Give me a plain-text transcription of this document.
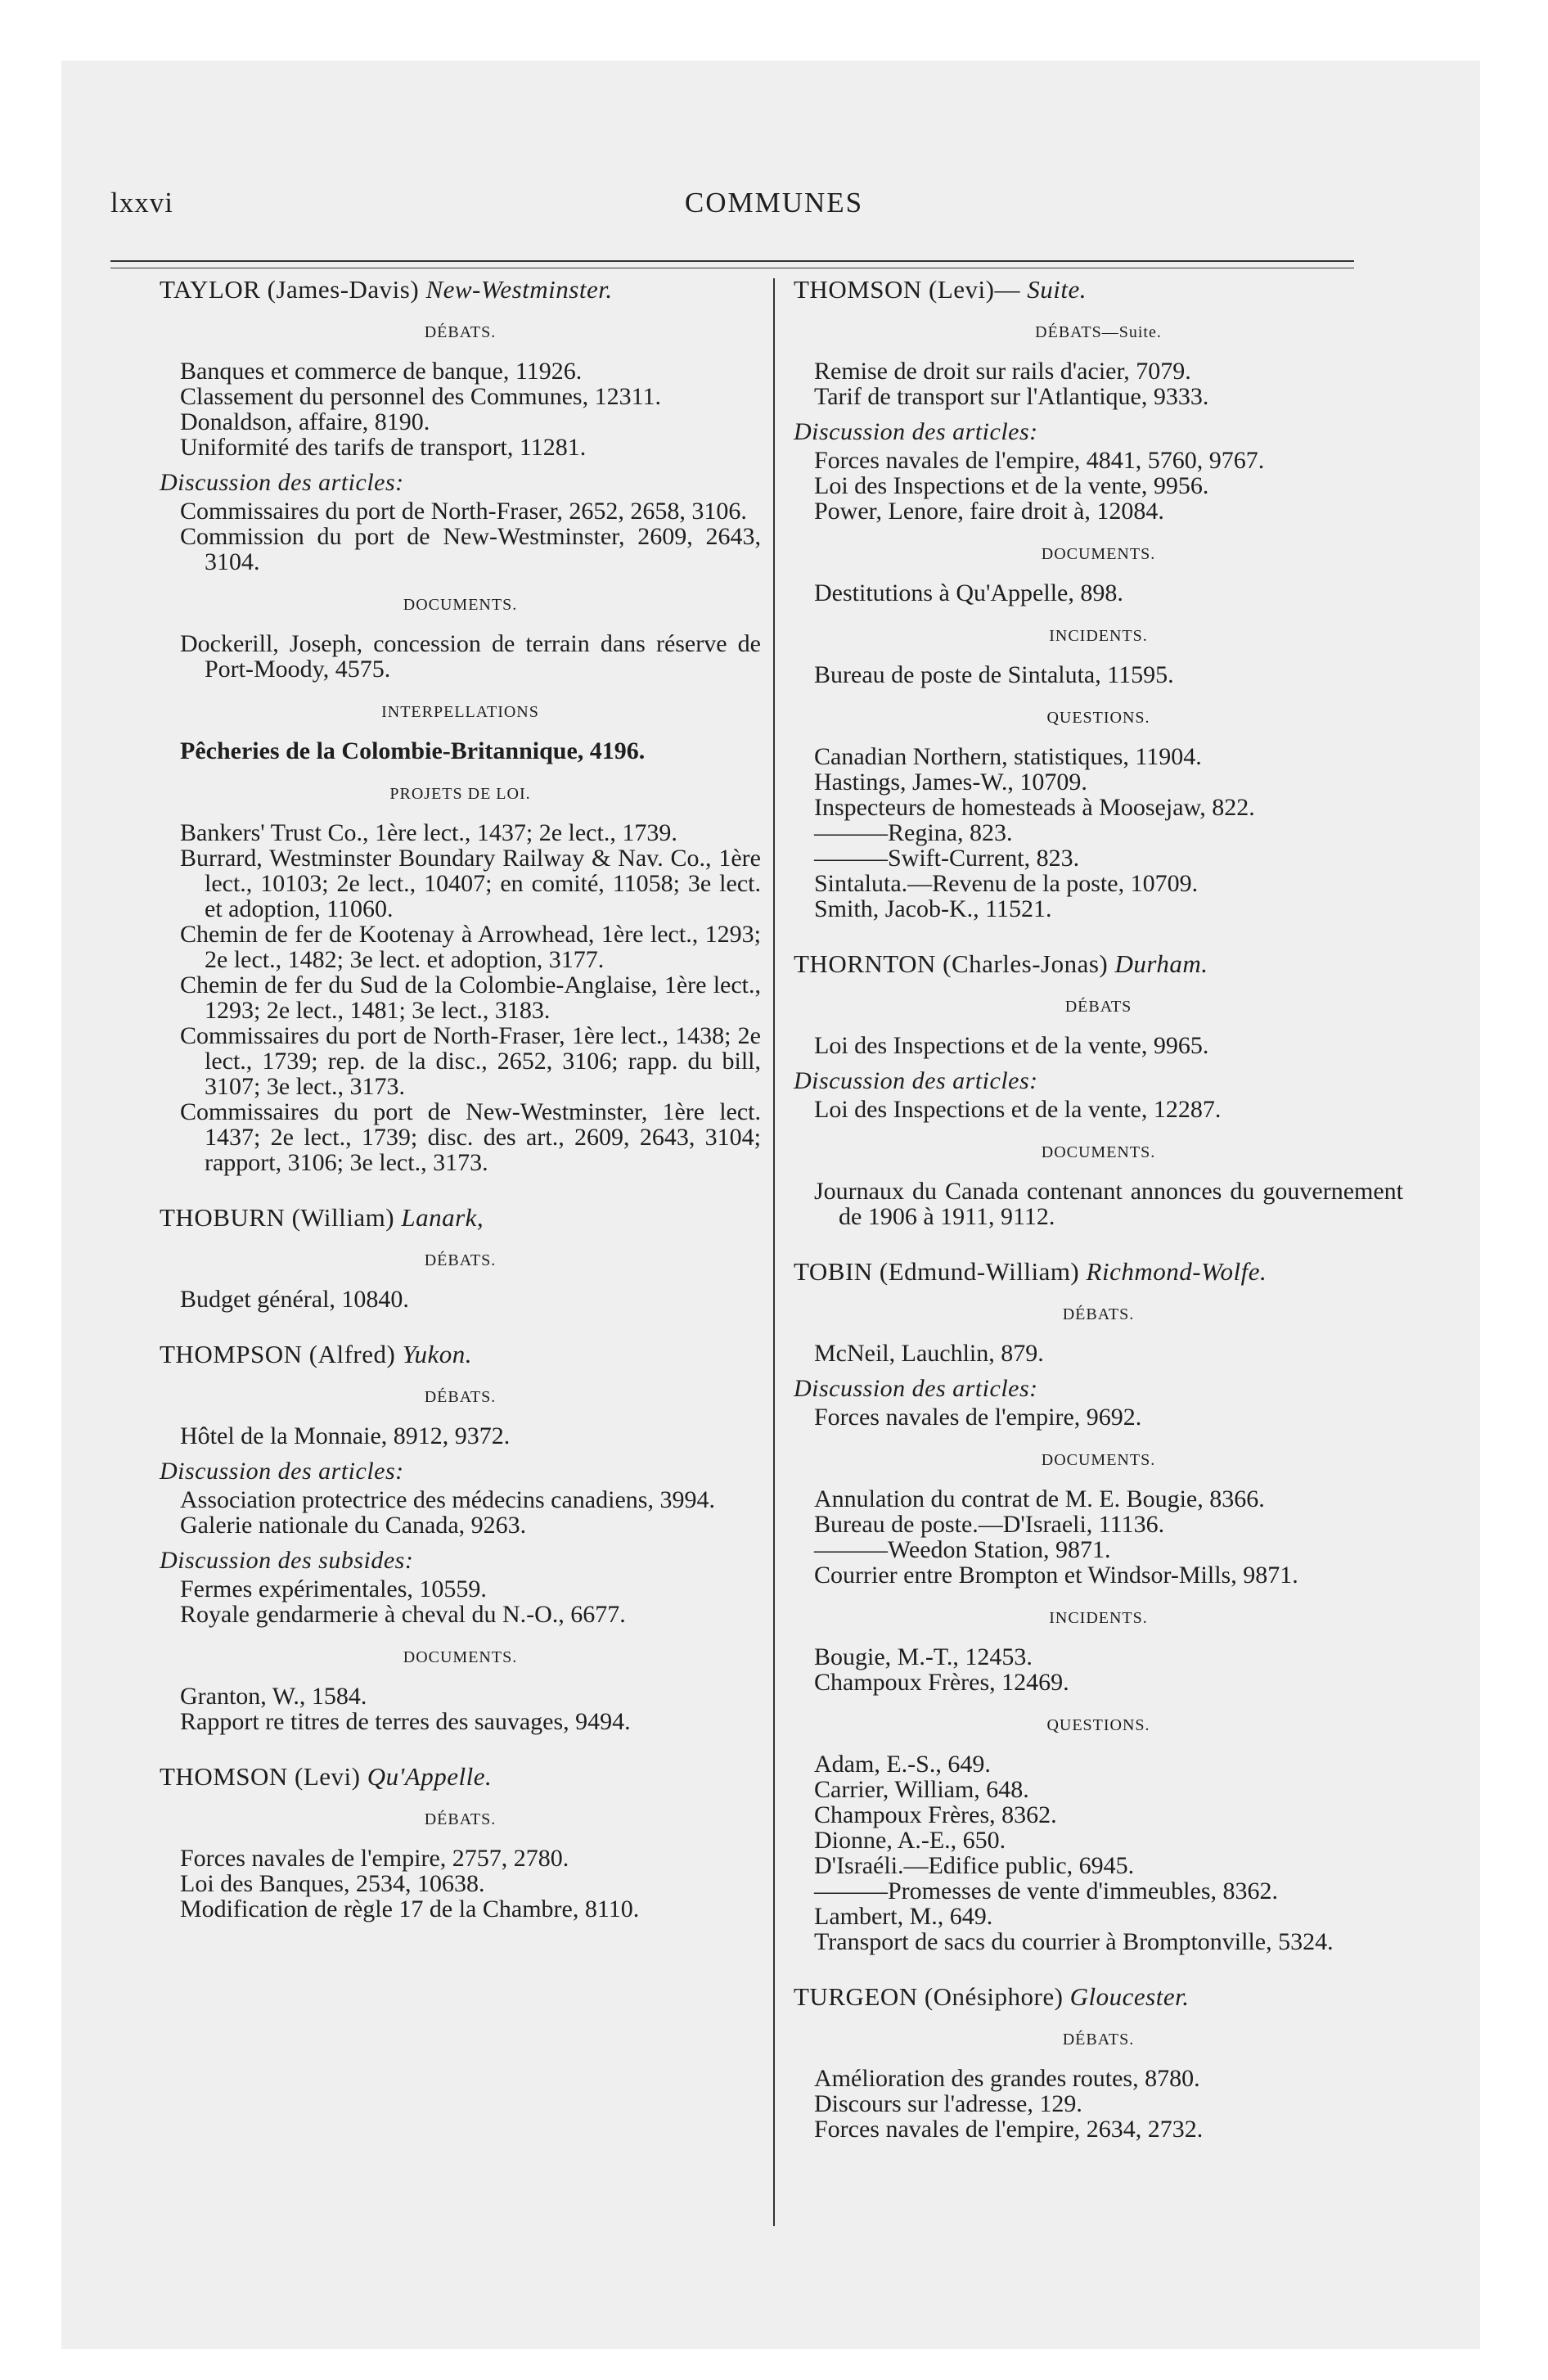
lxxvi	COMMUNES

TAYLOR (James-Davis) New-Westminster.

DÉBATS.

Banques et commerce de banque, 11926.

Classement du personnel des Communes, 12311.

Donaldson, affaire, 8190.

Uniformité des tarifs de transport, 11281.

Discussion des articles:

Commissaires du port de North-Fraser, 2652, 2658, 3106.

Commission du port de New-Westminster, 2609, 2643, 3104.

DOCUMENTS.

Dockerill, Joseph, concession de terrain dans réserve de Port-Moody, 4575.

INTERPELLATIONS

Pêcheries de la Colombie-Britannique, 4196.

PROJETS DE LOI.

Bankers' Trust Co., 1ère lect., 1437; 2e lect., 1739.

Burrard, Westminster Boundary Railway & Nav. Co., 1ère lect., 10103; 2e lect., 10407; en comité, 11058; 3e lect. et adoption, 11060.

Chemin de fer de Kootenay à Arrowhead, 1ère lect., 1293; 2e lect., 1482; 3e lect. et adoption, 3177.

Chemin de fer du Sud de la Colombie-Anglaise, 1ère lect., 1293; 2e lect., 1481; 3e lect., 3183.

Commissaires du port de North-Fraser, 1ère lect., 1438; 2e lect., 1739; rep. de la disc., 2652, 3106; rapp. du bill, 3107; 3e lect., 3173.

Commissaires du port de New-Westminster, 1ère lect. 1437; 2e lect., 1739; disc. des art., 2609, 2643, 3104; rapport, 3106; 3e lect., 3173.

THOBURN (William) Lanark,

DÉBATS.

Budget général, 10840.

THOMPSON (Alfred) Yukon.

DÉBATS.

Hôtel de la Monnaie, 8912, 9372.

Discussion des articles:

Association protectrice des médecins canadiens, 3994.

Galerie nationale du Canada, 9263.

Discussion des subsides:

Fermes expérimentales, 10559.

Royale gendarmerie à cheval du N.-O., 6677.

DOCUMENTS.

Granton, W., 1584.

Rapport re titres de terres des sauvages, 9494.

THOMSON (Levi) Qu'Appelle.

DÉBATS.

Forces navales de l'empire, 2757, 2780.

Loi des Banques, 2534, 10638.

Modification de règle 17 de la Chambre, 8110.

THOMSON (Levi)— Suite.

DÉBATS—Suite.

Remise de droit sur rails d'acier, 7079.

Tarif de transport sur l'Atlantique, 9333.

Discussion des articles:

Forces navales de l'empire, 4841, 5760, 9767.

Loi des Inspections et de la vente, 9956.

Power, Lenore, faire droit à, 12084.

DOCUMENTS.

Destitutions à Qu'Appelle, 898.

INCIDENTS.

Bureau de poste de Sintaluta, 11595.

QUESTIONS.

Canadian Northern, statistiques, 11904.

Hastings, James-W., 10709.

Inspecteurs de homesteads à Moosejaw, 822.

———Regina, 823.

———Swift-Current, 823.

Sintaluta.—Revenu de la poste, 10709.

Smith, Jacob-K., 11521.

THORNTON (Charles-Jonas) Durham.

DÉBATS

Loi des Inspections et de la vente, 9965.

Discussion des articles:

Loi des Inspections et de la vente, 12287.

DOCUMENTS.

Journaux du Canada contenant annonces du gouvernement de 1906 à 1911, 9112.

TOBIN (Edmund-William) Richmond-Wolfe.

DÉBATS.

McNeil, Lauchlin, 879.

Discussion des articles:

Forces navales de l'empire, 9692.

DOCUMENTS.

Annulation du contrat de M. E. Bougie, 8366.

Bureau de poste.—D'Israeli, 11136.

———Weedon Station, 9871.

Courrier entre Brompton et Windsor-Mills, 9871.

INCIDENTS.

Bougie, M.-T., 12453.

Champoux Frères, 12469.

QUESTIONS.

Adam, E.-S., 649.

Carrier, William, 648.

Champoux Frères, 8362.

Dionne, A.-E., 650.

D'Israéli.—Edifice public, 6945.

———Promesses de vente d'immeubles, 8362.

Lambert, M., 649.

Transport de sacs du courrier à Bromptonville, 5324.

TURGEON (Onésiphore) Gloucester.

DÉBATS.

Amélioration des grandes routes, 8780.

Discours sur l'adresse, 129.

Forces navales de l'empire, 2634, 2732.
